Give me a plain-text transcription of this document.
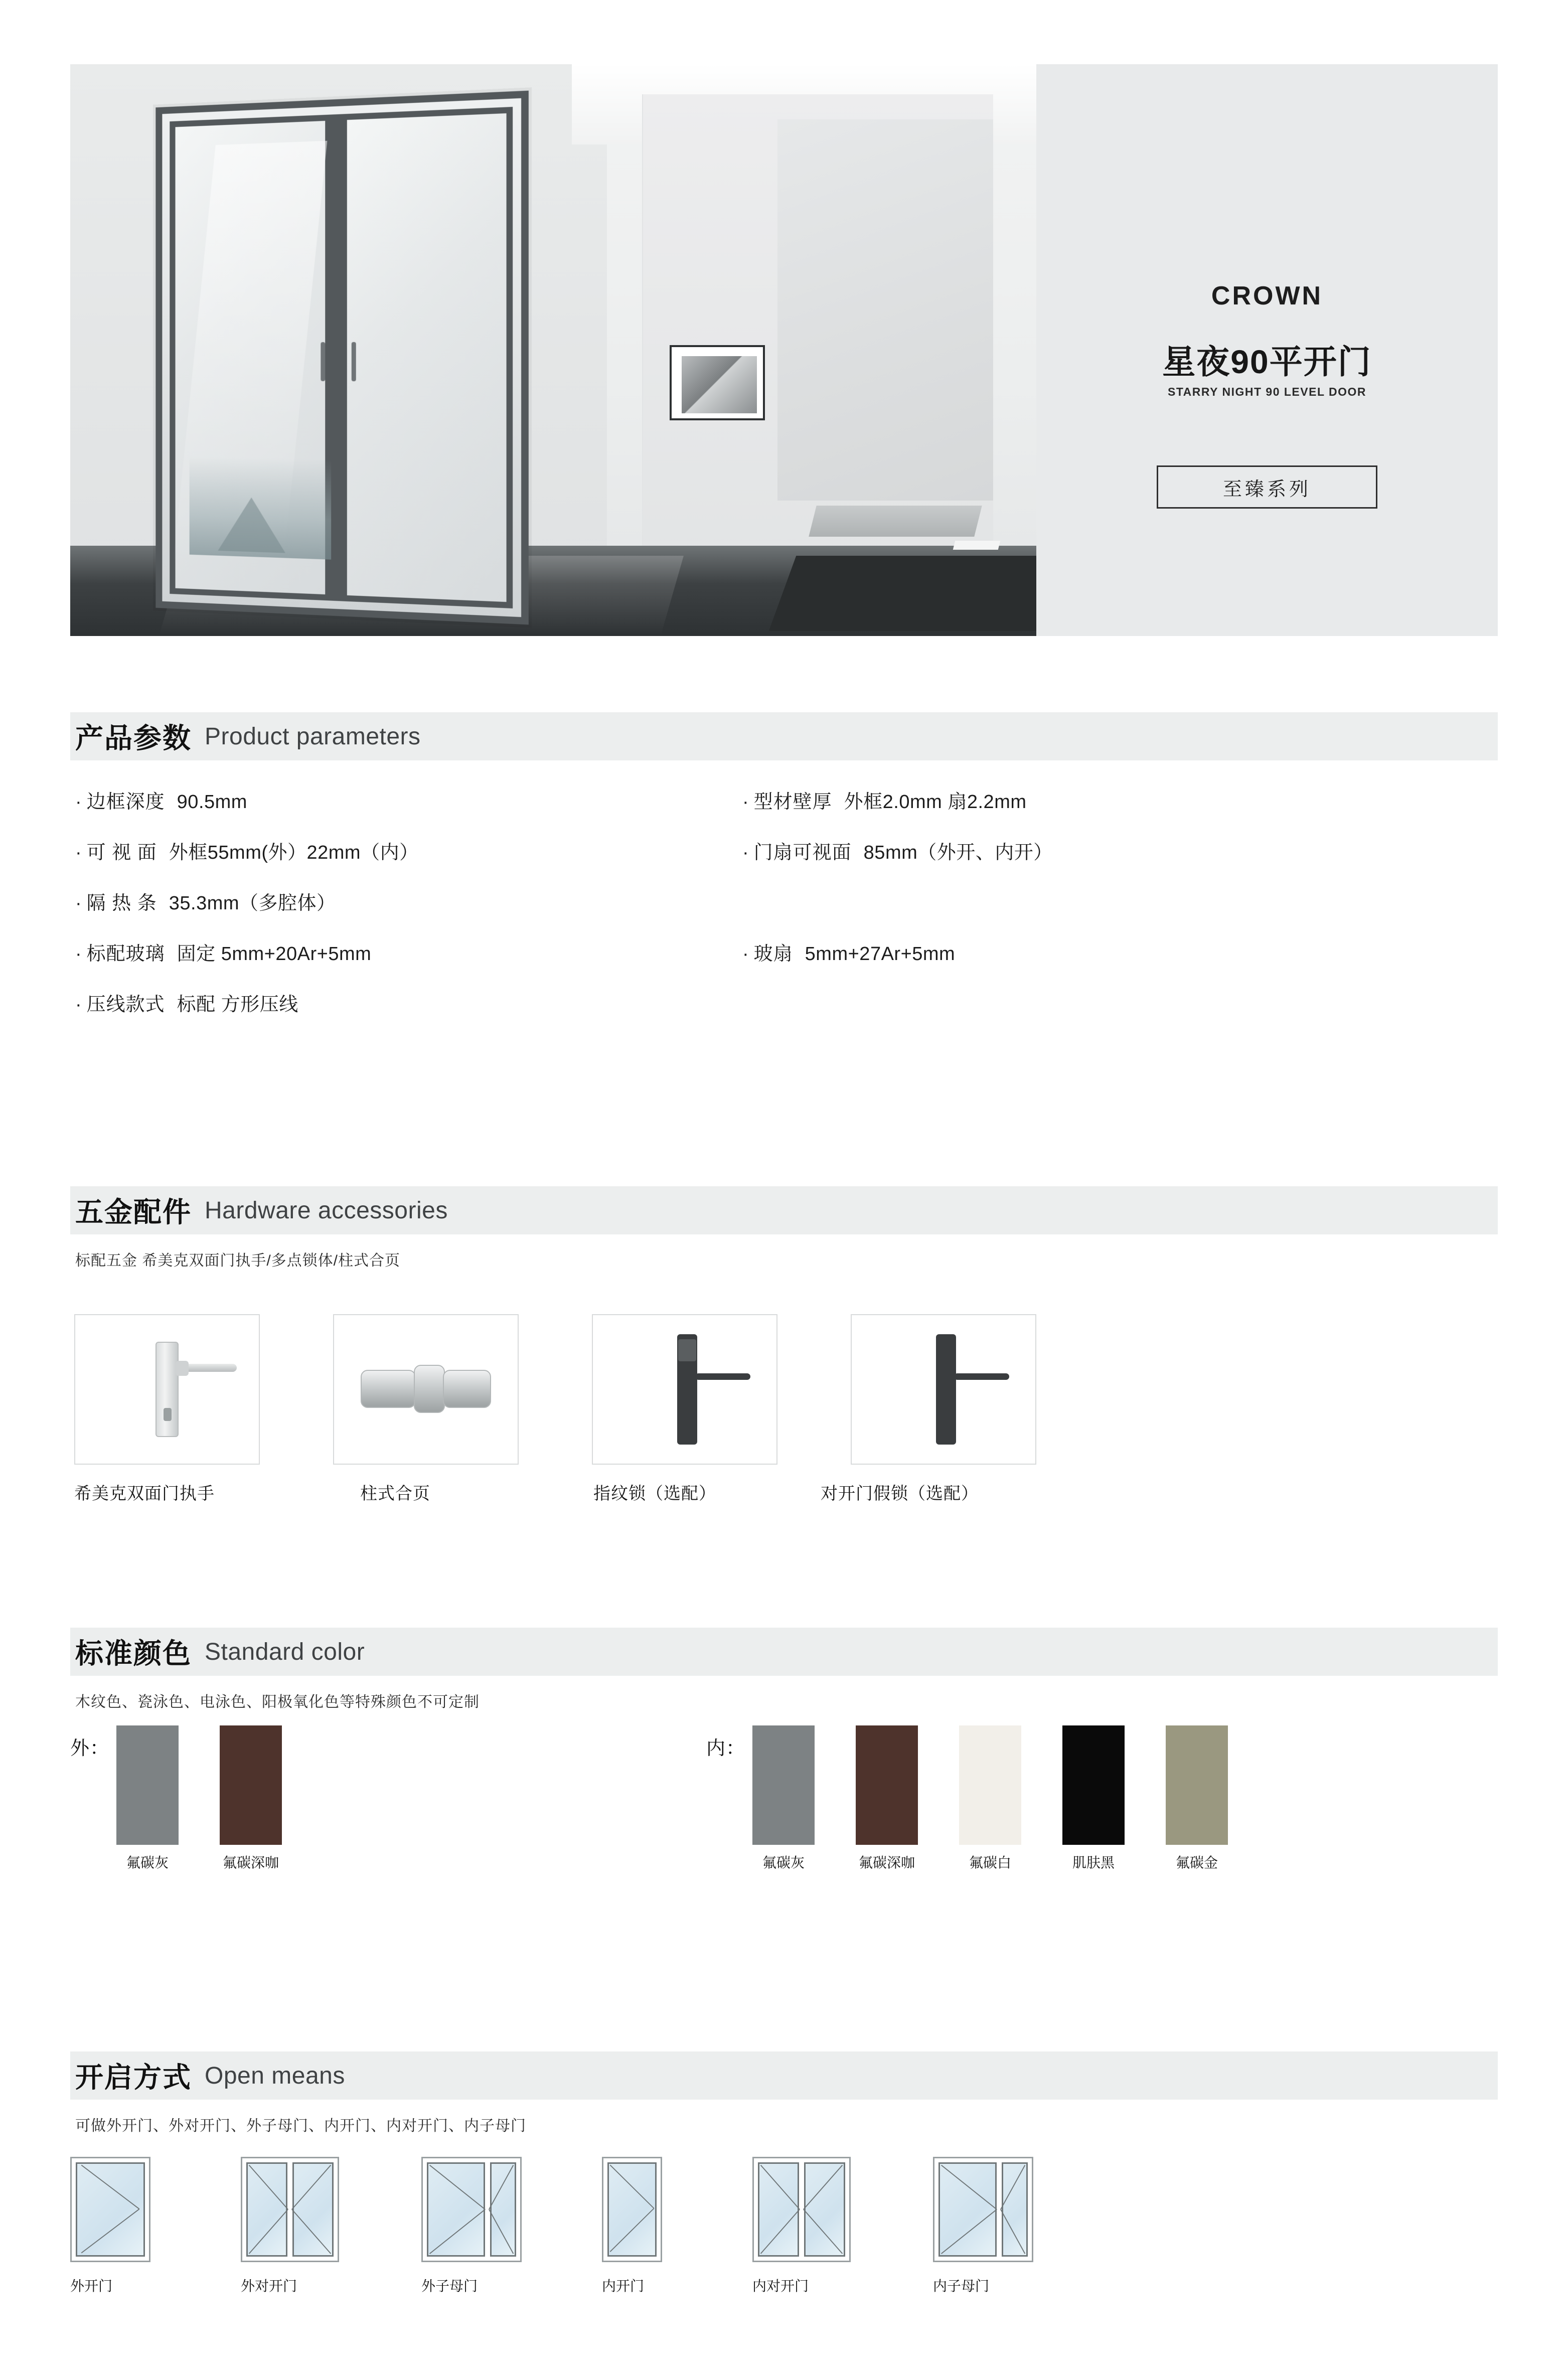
CROWN
星夜90平开门
STARRY NIGHT 90 LEVEL DOOR
至臻系列
产品参数 Product parameters
· 边框深度 90.5mm
· 可 视 面 外框55mm(外）22mm（内）
· 隔 热 条 35.3mm（多腔体）
· 标配玻璃 固定 5mm+20Ar+5mm
· 压线款式 标配 方形压线
· 型材壁厚 外框2.0mm 扇2.2mm
· 门扇可视面 85mm（外开、内开）
· 玻扇 5mm+27Ar+5mm
五金配件 Hardware accessories
标配五金 希美克双面门执手/多点锁体/柱式合页
希美克双面门执手	柱式合页	指纹锁（选配）	对开门假锁（选配）
标准颜色 Standard color
木纹色、瓷泳色、电泳色、阳极氧化色等特殊颜色不可定制
外：	内：
氟碳灰	氟碳深咖	氟碳灰	氟碳深咖	氟碳白	肌肤黑	氟碳金
开启方式 Open means
可做外开门、外对开门、外子母门、内开门、内对开门、内子母门
外开门	外对开门	外子母门	内开门	内对开门	内子母门
